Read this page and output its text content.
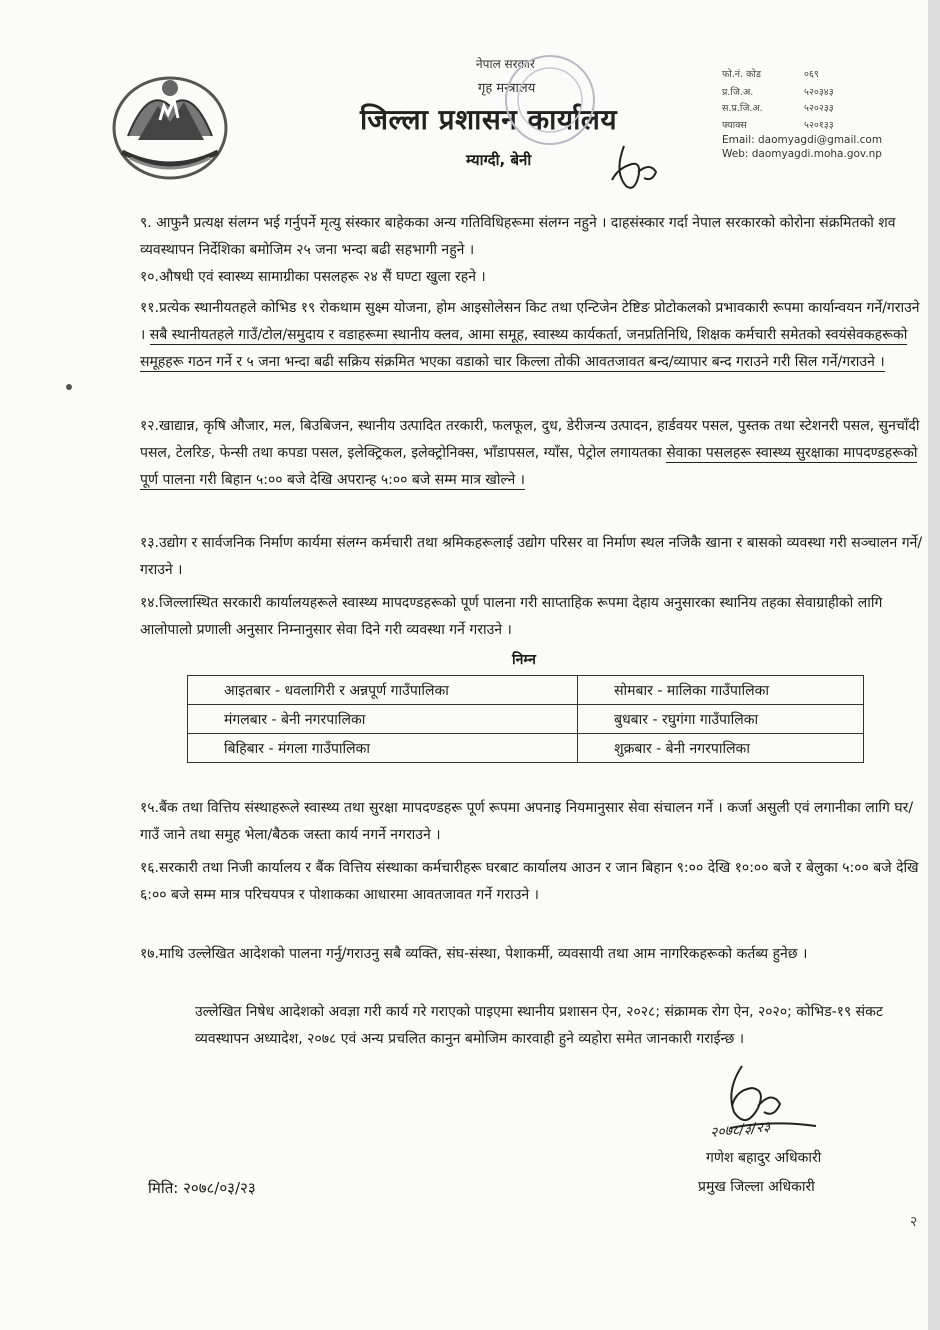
नेपाल सरकार
गृह मन्त्रालय
जिल्ला प्रशासन कार्यालय
म्याग्दी, बेनी
फो.नं. कोड	०६९
प्र.जि.अ.	५२०३४३
स.प्र.जि.अ.	५२०२३३
फ्याक्स	५२०१३३
Email: daomyagdi@gmail.com
Web: daomyagdi.moha.gov.np

९. आफुनै प्रत्यक्ष संलग्न भई गर्नुपर्ने मृत्यु संस्कार बाहेकका अन्य गतिविधिहरूमा संलग्न नहुने । दाहसंस्कार गर्दा नेपाल सरकारको कोरोना संक्रमितको शव व्यवस्थापन निर्देशिका बमोजिम २५ जना भन्दा बढी सहभागी नहुने ।

१०.औषधी एवं स्वास्थ्य सामाग्रीका पसलहरू २४ सैं घण्टा खुला रहने ।

११.प्रत्येक स्थानीयतहले कोभिड १९ रोकथाम सुक्ष्म योजना, होम आइसोलेसन किट तथा एन्टिजेन टेष्टिङ प्रोटोकलको प्रभावकारी रूपमा कार्यान्वयन गर्ने/गराउने । सबै स्थानीयतहले गाउँ/टोल/समुदाय र वडाहरूमा स्थानीय क्लव, आमा समूह, स्वास्थ्य कार्यकर्ता, जनप्रतिनिधि, शिक्षक कर्मचारी समेतको स्वयंसेवकहरूको समूहहरू गठन गर्ने र ५ जना भन्दा बढी सक्रिय संक्रमित भएका वडाको चार किल्ला तोकी आवतजावत बन्द/व्यापार बन्द गराउने गरी सिल गर्ने/गराउने ।

१२.खाद्यान्न, कृषि औजार, मल, बिउबिजन, स्थानीय उत्पादित तरकारी, फलफूल, दुध, डेरीजन्य उत्पादन, हार्डवयर पसल, पुस्तक तथा स्टेशनरी पसल, सुनचाँदी पसल, टेलरिङ, फेन्सी तथा कपडा पसल, इलेक्ट्रिकल, इलेक्ट्रोनिक्स, भाँडापसल, ग्याँस, पेट्रोल लगायतका सेवाका पसलहरू स्वास्थ्य सुरक्षाका मापदण्डहरूको पूर्ण पालना गरी बिहान ५:०० बजे देखि अपरान्ह ५:०० बजे सम्म मात्र खोल्ने ।

१३.उद्योग र सार्वजनिक निर्माण कार्यमा संलग्न कर्मचारी तथा श्रमिकहरूलाई उद्योग परिसर वा निर्माण स्थल नजिकै खाना र बासको व्यवस्था गरी सञ्चालन गर्ने/गराउने ।

१४.जिल्लास्थित सरकारी कार्यालयहरूले स्वास्थ्य मापदण्डहरूको पूर्ण पालना गरी साप्ताहिक रूपमा देहाय अनुसारका स्थानिय तहका सेवाग्राहीको लागि आलोपालो प्रणाली अनुसार निम्नानुसार सेवा दिने गरी व्यवस्था गर्ने गराउने ।

निम्न
आइतबार - धवलागिरी र अन्नपूर्ण गाउँपालिका	सोमबार - मालिका गाउँपालिका
मंगलबार - बेनी नगरपालिका	बुधबार - रघुगंगा गाउँपालिका
बिहिबार - मंगला गाउँपालिका	शुक्रबार - बेनी नगरपालिका

१५.बैंक तथा वित्तिय संस्थाहरूले स्वास्थ्य तथा सुरक्षा मापदण्डहरू पूर्ण रूपमा अपनाइ नियमानुसार सेवा संचालन गर्ने । कर्जा असुली एवं लगानीका लागि घर/गाउँ जाने तथा समुह भेला/बैठक जस्ता कार्य नगर्ने नगराउने ।

१६.सरकारी तथा निजी कार्यालय र बैंक वित्तिय संस्थाका कर्मचारीहरू घरबाट कार्यालय आउन र जान बिहान ९:०० देखि १०:०० बजे र बेलुका ५:०० बजे देखि ६:०० बजे सम्म मात्र परिचयपत्र र पोशाकका आधारमा आवतजावत गर्ने गराउने ।

१७.माथि उल्लेखित आदेशको पालना गर्नु/गराउनु सबै व्यक्ति, संघ-संस्था, पेशाकर्मी, व्यवसायी तथा आम नागरिकहरूको कर्तब्य हुनेछ ।

उल्लेखित निषेध आदेशको अवज्ञा गरी कार्य गरे गराएको पाइएमा स्थानीय प्रशासन ऐन, २०२८; संक्रामक रोग ऐन, २०२०; कोभिड-१९ संकट व्यवस्थापन अध्यादेश, २०७८ एवं अन्य प्रचलित कानुन बमोजिम कारवाही हुने व्यहोरा समेत जानकारी गराईन्छ ।

२०७८/३/२३
गणेश बहादुर अधिकारी
प्रमुख जिल्ला अधिकारी
मिति: २०७८/०३/२३
२
